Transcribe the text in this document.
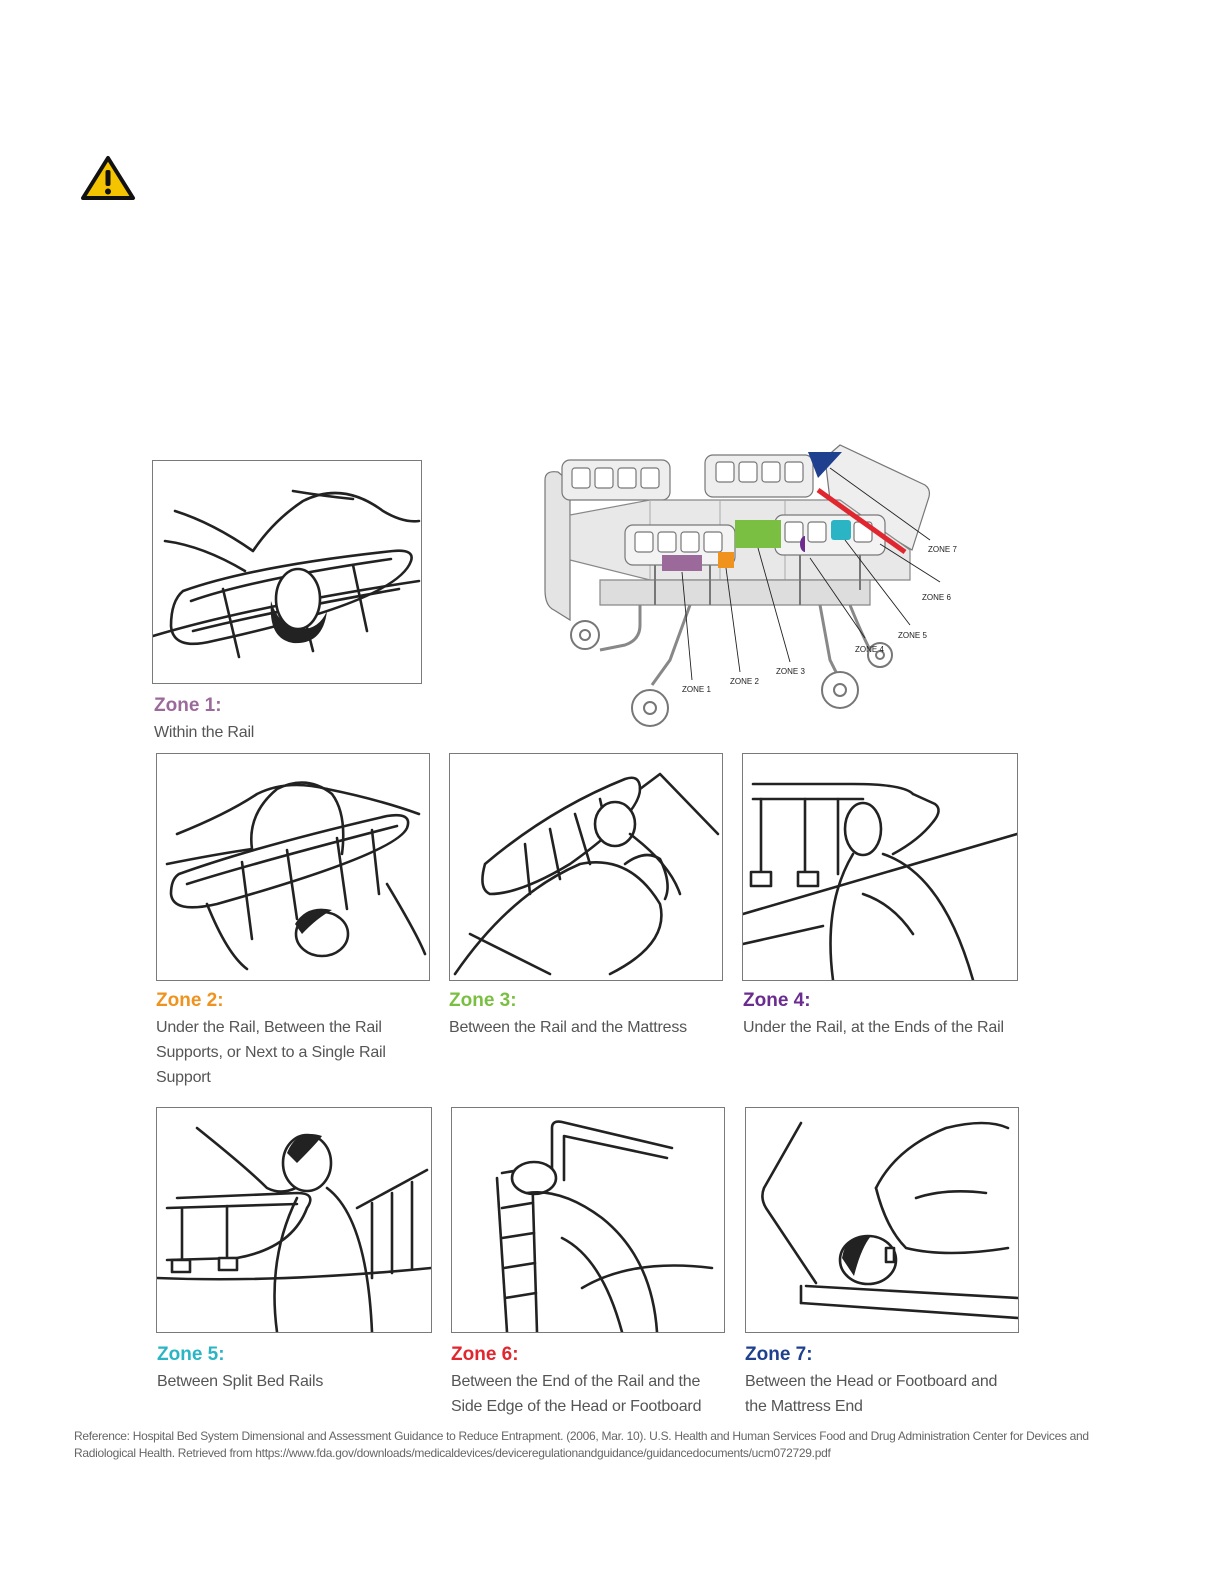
Zone 1:

Within the Rail

ZONE 1
ZONE 2
ZONE 3
ZONE 4
ZONE 5
ZONE 6
ZONE 7

Zone 2:

Under the Rail, Between the Rail
Supports, or Next to a Single Rail
Support

Zone 3:

Between the Rail and the Mattress

Zone 4:

Under the Rail, at the Ends of the Rail

Zone 5:

Between Split Bed Rails

Zone 6:

Between the End of the Rail and the
Side Edge of the Head or Footboard

Zone 7:

Between the Head or Footboard and
the Mattress End

Reference: Hospital Bed System Dimensional and Assessment Guidance to Reduce Entrapment. (2006, Mar. 10). U.S. Health and Human Services Food and Drug Administration Center for Devices and
Radiological Health. Retrieved from https://www.fda.gov/downloads/medicaldevices/deviceregulationandguidance/guidancedocuments/ucm072729.pdf
